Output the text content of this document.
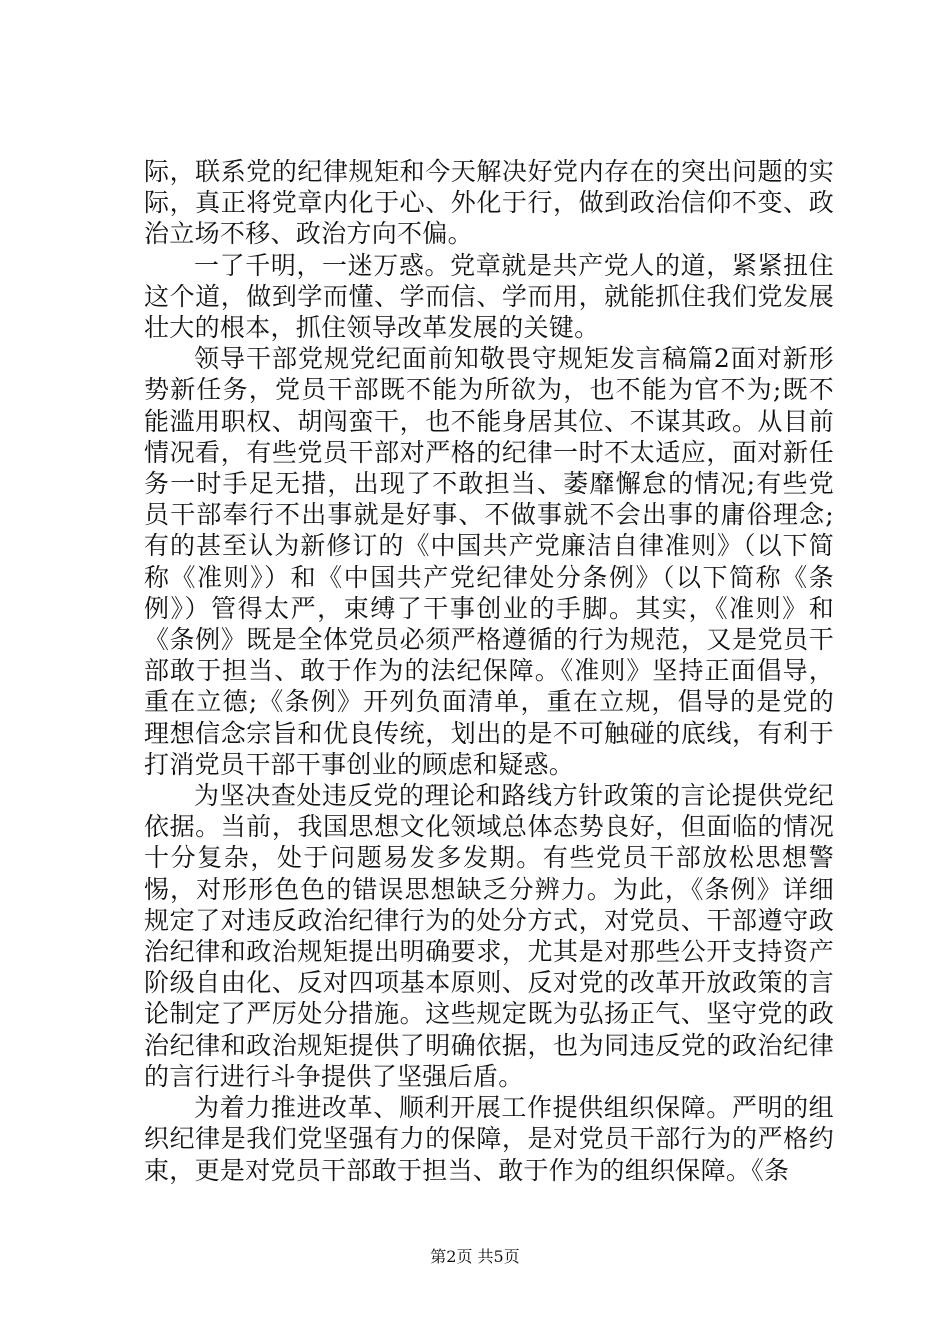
际，联系党的纪律规矩和今天解决好党内存在的突出问题的实际，真正将党章内化于心、外化于行，做到政治信仰不变、政治立场不移、政治方向不偏。

一了千明，一迷万惑。党章就是共产党人的道，紧紧扭住这个道，做到学而懂、学而信、学而用，就能抓住我们党发展壮大的根本，抓住领导改革发展的关键。

领导干部党规党纪面前知敬畏守规矩发言稿篇2面对新形势新任务，党员干部既不能为所欲为，也不能为官不为;既不能滥用职权、胡闯蛮干，也不能身居其位、不谋其政。从目前情况看，有些党员干部对严格的纪律一时不太适应，面对新任务一时手足无措，出现了不敢担当、萎靡懈怠的情况;有些党员干部奉行不出事就是好事、不做事就不会出事的庸俗理念;有的甚至认为新修订的《中国共产党廉洁自律准则》（以下简称《准则》）和《中国共产党纪律处分条例》（以下简称《条例》）管得太严，束缚了干事创业的手脚。其实，《准则》和《条例》既是全体党员必须严格遵循的行为规范，又是党员干部敢于担当、敢于作为的法纪保障。《准则》坚持正面倡导，重在立德;《条例》开列负面清单，重在立规，倡导的是党的理想信念宗旨和优良传统，划出的是不可触碰的底线，有利于打消党员干部干事创业的顾虑和疑惑。

为坚决查处违反党的理论和路线方针政策的言论提供党纪依据。当前，我国思想文化领域总体态势良好，但面临的情况十分复杂，处于问题易发多发期。有些党员干部放松思想警惕，对形形色色的错误思想缺乏分辨力。为此，《条例》详细规定了对违反政治纪律行为的处分方式，对党员、干部遵守政治纪律和政治规矩提出明确要求，尤其是对那些公开支持资产阶级自由化、反对四项基本原则、反对党的改革开放政策的言论制定了严厉处分措施。这些规定既为弘扬正气、坚守党的政治纪律和政治规矩提供了明确依据，也为同违反党的政治纪律的言行进行斗争提供了坚强后盾。

为着力推进改革、顺利开展工作提供组织保障。严明的组织纪律是我们党坚强有力的保障，是对党员干部行为的严格约束，更是对党员干部敢于担当、敢于作为的组织保障。《条

第2页 共5页
